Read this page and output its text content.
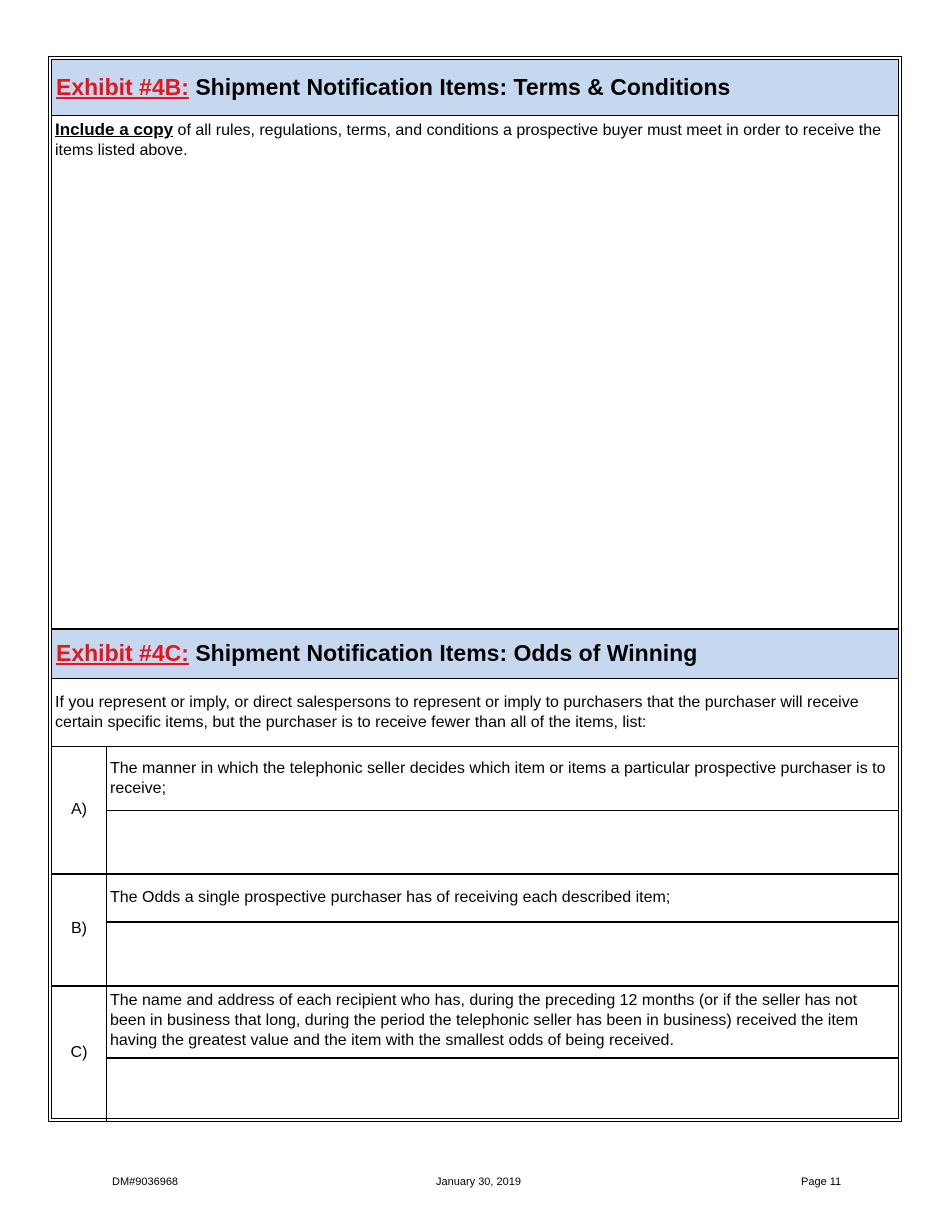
Exhibit #4B: Shipment Notification Items: Terms & Conditions
Include a copy of all rules, regulations, terms, and conditions a prospective buyer must meet in order to receive the items listed above.
Exhibit #4C: Shipment Notification Items: Odds of Winning
If you represent or imply, or direct salespersons to represent or imply to purchasers that the purchaser will receive certain specific items, but the purchaser is to receive fewer than all of the items, list:
A)
The manner in which the telephonic seller decides which item or items a particular prospective purchaser is to receive;
B)
The Odds a single prospective purchaser has of receiving each described item;
C)
The name and address of each recipient who has, during the preceding 12 months (or if the seller has not been in business that long, during the period the telephonic seller has been in business) received the item having the greatest value and the item with the smallest odds of being received.
DM#9036968	January 30, 2019	Page 11
